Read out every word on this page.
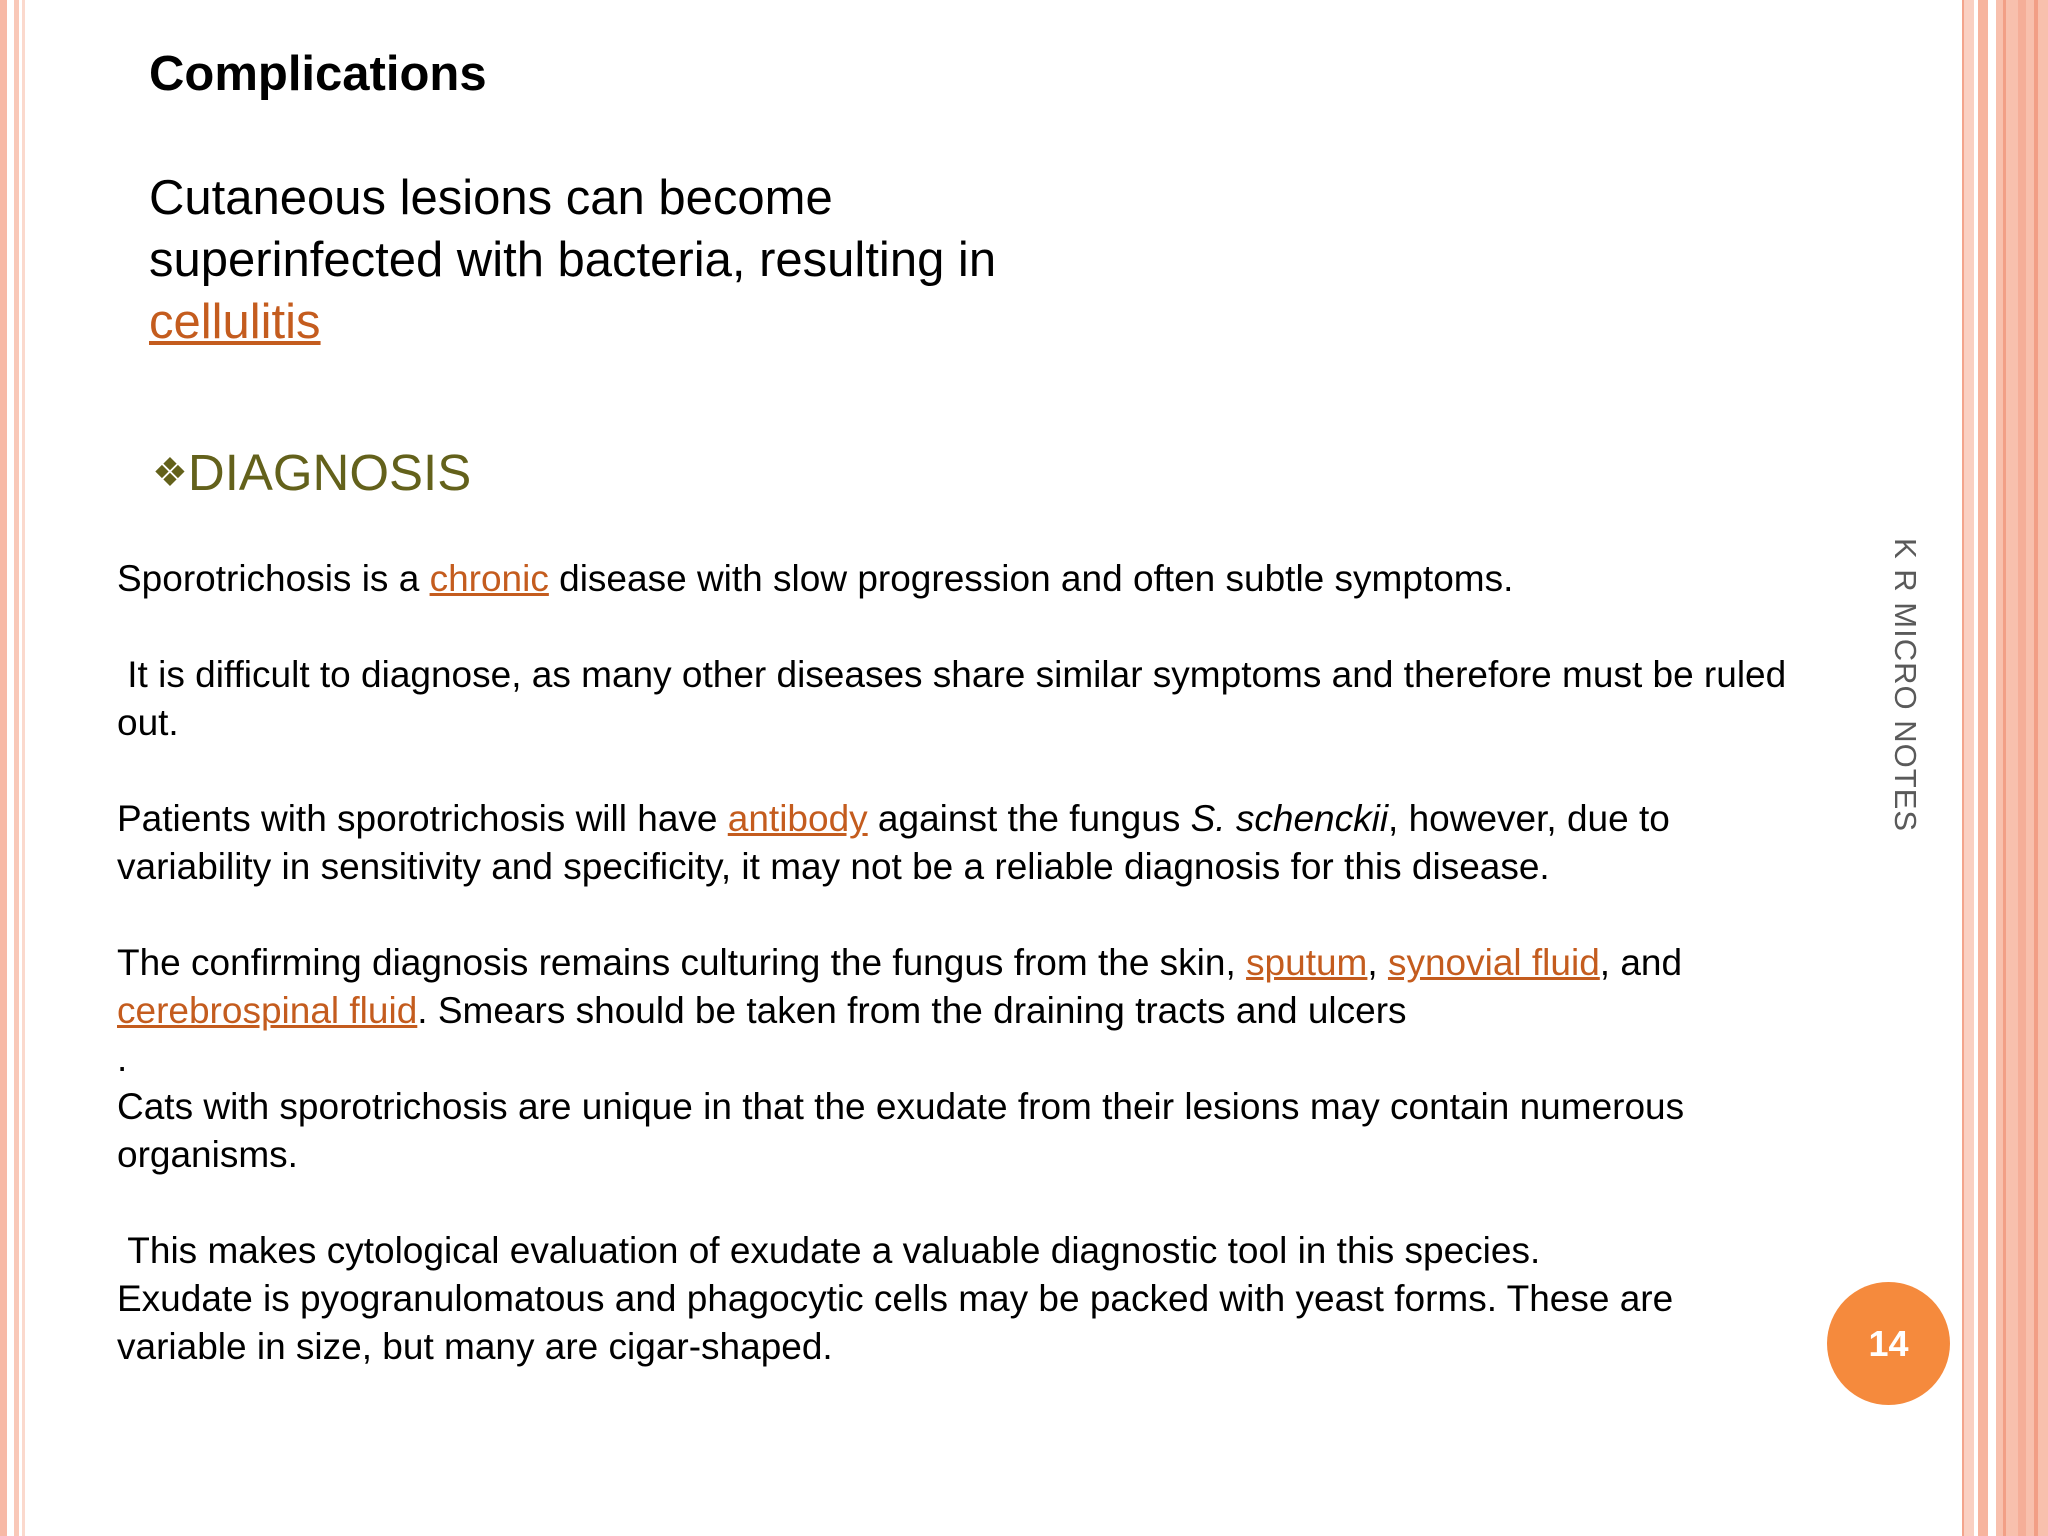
Complications
Cutaneous lesions can become superinfected with bacteria, resulting in cellulitis
❖DIAGNOSIS

Sporotrichosis is a chronic disease with slow progression and often subtle symptoms.

It is difficult to diagnose, as many other diseases share similar symptoms and therefore must be ruled out.

Patients with sporotrichosis will have antibody against the fungus S. schenckii, however, due to variability in sensitivity and specificity, it may not be a reliable diagnosis for this disease.

The confirming diagnosis remains culturing the fungus from the skin, sputum, synovial fluid, and cerebrospinal fluid. Smears should be taken from the draining tracts and ulcers

.

Cats with sporotrichosis are unique in that the exudate from their lesions may contain numerous organisms.

This makes cytological evaluation of exudate a valuable diagnostic tool in this species.

Exudate is pyogranulomatous and phagocytic cells may be packed with yeast forms. These are variable in size, but many are cigar-shaped.

K R MICRO NOTES
14
